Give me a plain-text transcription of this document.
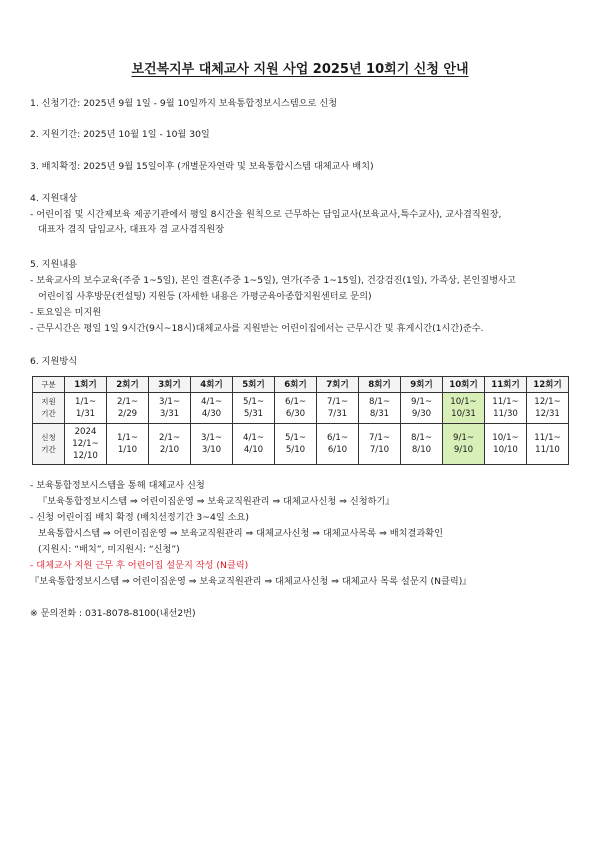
보건복지부 대체교사 지원 사업 2025년 10회기 신청 안내
1. 신청기간: 2025년 9월 1일 - 9월 10일까지 보육통합정보시스템으로 신청
2. 지원기간: 2025년 10월 1일 - 10월 30일
3. 배치확정: 2025년 9월 15일이후 (개별문자연락 및 보육통합시스템 대체교사 배치)
4. 지원대상
- 어린이집 및 시간제보육 제공기관에서 평일 8시간을 원칙으로 근무하는 담임교사(보육교사,특수교사), 교사겸직원장,
대표자 겸직 담임교사, 대표자 겸 교사겸직원장
5. 지원내용
- 보육교사의 보수교육(주중 1~5일), 본인 결혼(주중 1~5일), 연가(주중 1~15일), 건강검진(1일), 가족상, 본인질병사고
어린이집 사후방문(컨설팅) 지원등 (자세한 내용은 가평군육아종합지원센터로 문의)
- 토요일은 미지원
- 근무시간은 평일 1일 9시간(9시~18시)대체교사를 지원받는 어린이집에서는 근무시간 및 휴게시간(1시간)준수.
6. 지원방식
구분	1회기	2회기	3회기	4회기	5회기	6회기	7회기	8회기	9회기	10회기	11회기	12회기

지원
기간	1/1~
1/31	2/1~
2/29	3/1~
3/31	4/1~
4/30	5/1~
5/31	6/1~
6/30	7/1~
7/31	8/1~
8/31	9/1~
9/30	10/1~
10/31	11/1~
11/30	12/1~
12/31

신청
기간	2024
12/1~
12/10	1/1~
1/10	2/1~
2/10	3/1~
3/10	4/1~
4/10	5/1~
5/10	6/1~
6/10	7/1~
7/10	8/1~
8/10	9/1~
9/10	10/1~
10/10	11/1~
11/10
- 보육통합정보시스템을 통해 대체교사 신청
『보육통합정보시스템 ⇒ 어린이집운영 ⇒ 보육교직원관리 ⇒ 대체교사신청 ⇒ 신청하기』
- 신청 어린이집 배치 확정 (배치선정기간 3~4일 소요)
보육통합시스템 ⇒ 어린이집운영 ⇒ 보육교직원관리 ⇒ 대체교사신청 ⇒ 대체교사목록 ⇒ 배치결과확인
(지원시: “배치”, 미지원시: “신청”)
- 대체교사 지원 근무 후 어린이집 설문지 작성 (N클릭)
『보육통합정보시스템 ⇒ 어린이집운영 ⇒ 보육교직원관리 ⇒ 대체교사신청 ⇒ 대체교사 목록 설문지 (N클릭)』
※ 문의전화 : 031-8078-8100(내선2번)
